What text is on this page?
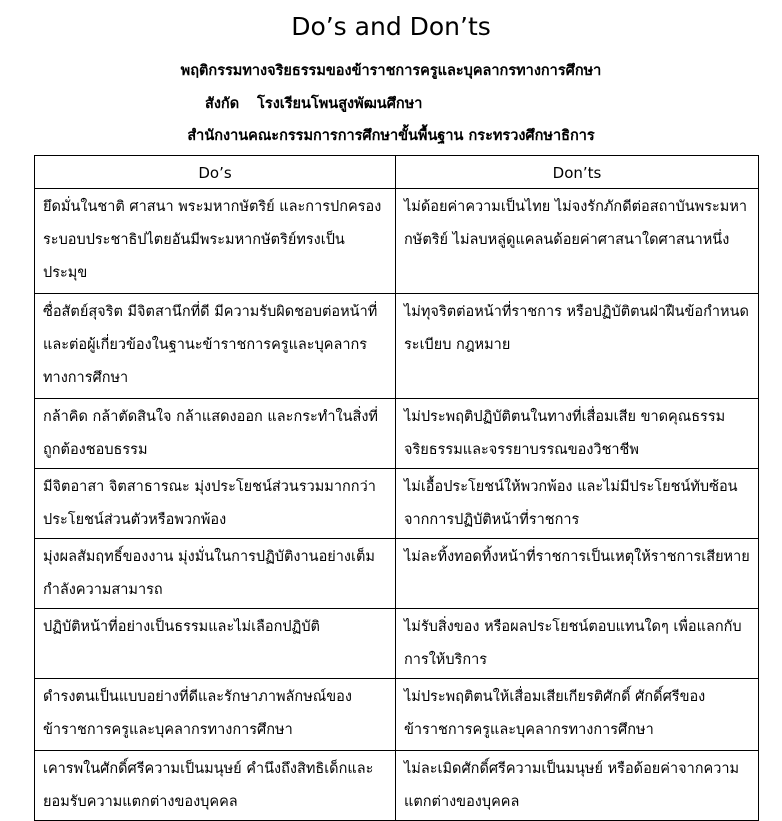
Do’s and Don’ts
พฤติกรรมทางจริยธรรมของข้าราชการครูและบุคลากรทางการศึกษา
สังกัด โรงเรียนโพนสูงพัฒนศึกษา
สำนักงานคณะกรรมการการศึกษาขั้นพื้นฐาน กระทรวงศึกษาธิการ
Do’s	Don’ts
ยึดมั่นในชาติ ศาสนา พระมหากษัตริย์ และการปกครองระบอบประชาธิปไตยอันมีพระมหากษัตริย์ทรงเป็นประมุข	ไม่ด้อยค่าความเป็นไทย ไม่จงรักภักดีต่อสถาบันพระมหากษัตริย์ ไม่ลบหลู่ดูแคลนด้อยค่าศาสนาใดศาสนาหนึ่ง
ซื่อสัตย์สุจริต มีจิตสานึกที่ดี มีความรับผิดชอบต่อหน้าที่และต่อผู้เกี่ยวข้องในฐานะข้าราชการครูและบุคลากรทางการศึกษา	ไม่ทุจริตต่อหน้าที่ราชการ หรือปฏิบัติตนฝ่าฝืนข้อกำหนด ระเบียบ กฎหมาย
กล้าคิด กล้าตัดสินใจ กล้าแสดงออก และกระทำในสิ่งที่ถูกต้องชอบธรรม	ไม่ประพฤติปฏิบัติตนในทางที่เสื่อมเสีย ขาดคุณธรรม จริยธรรมและจรรยาบรรณของวิชาชีพ
มีจิตอาสา จิตสาธารณะ มุ่งประโยชน์ส่วนรวมมากกว่าประโยชน์ส่วนตัวหรือพวกพ้อง	ไม่เอื้อประโยชน์ให้พวกพ้อง และไม่มีประโยชน์ทับซ้อนจากการปฏิบัติหน้าที่ราชการ
มุ่งผลสัมฤทธิ์ของงาน มุ่งมั่นในการปฏิบัติงานอย่างเต็มกำลังความสามารถ	ไม่ละทิ้งทอดทิ้งหน้าที่ราชการเป็นเหตุให้ราชการเสียหาย
ปฏิบัติหน้าที่อย่างเป็นธรรมและไม่เลือกปฏิบัติ	ไม่รับสิ่งของ หรือผลประโยชน์ตอบแทนใดๆ เพื่อแลกกับการให้บริการ
ดำรงตนเป็นแบบอย่างที่ดีและรักษาภาพลักษณ์ของข้าราชการครูและบุคลากรทางการศึกษา	ไม่ประพฤติตนให้เสื่อมเสียเกียรติศักดิ์ ศักดิ์ศรีของข้าราชการครูและบุคลากรทางการศึกษา
เคารพในศักดิ์ศรีความเป็นมนุษย์ คำนึงถึงสิทธิเด็กและยอมรับความแตกต่างของบุคคล	ไม่ละเมิดศักดิ์ศรีความเป็นมนุษย์ หรือด้อยค่าจากความแตกต่างของบุคคล
